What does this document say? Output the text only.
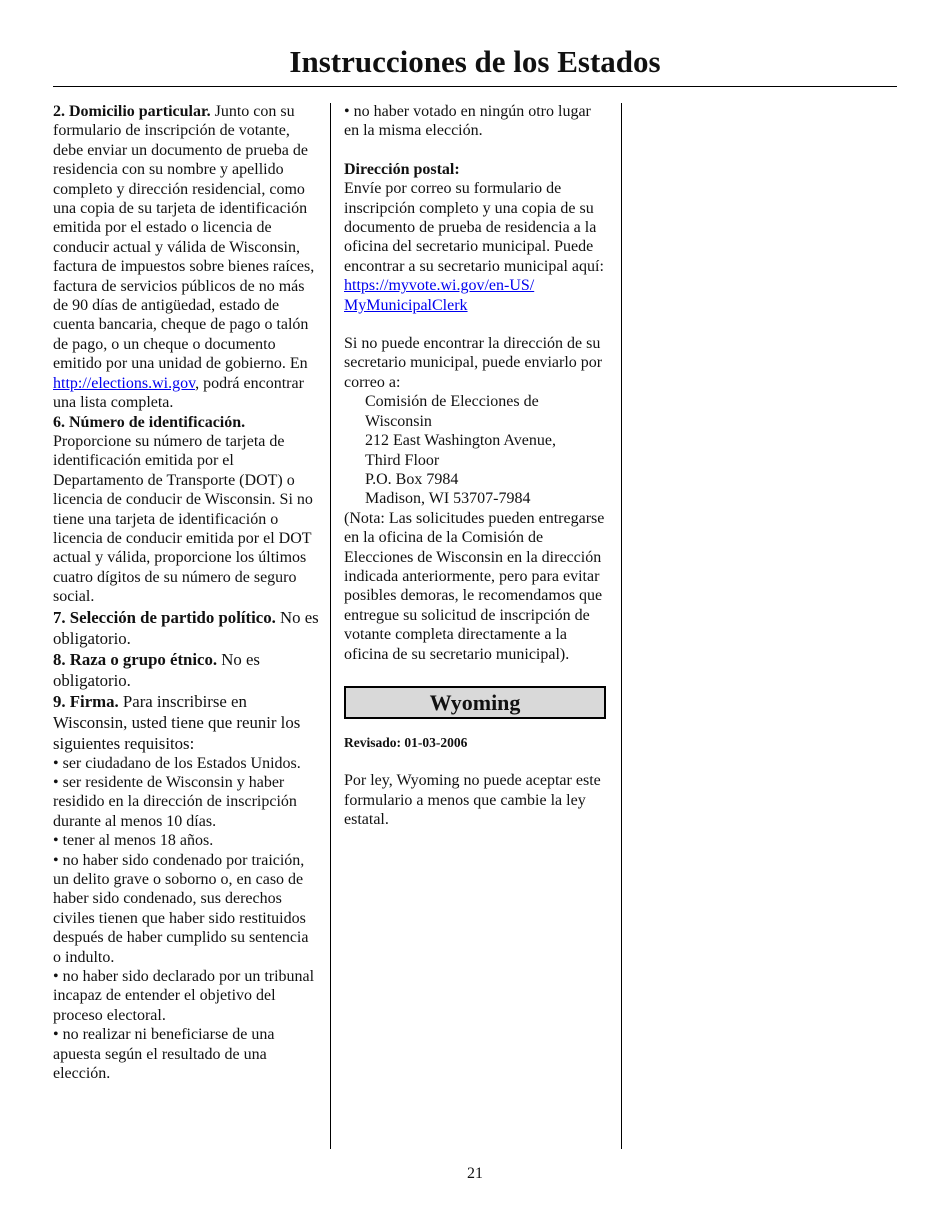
Instrucciones de los Estados

2. Domicilio particular. Junto con su formulario de inscripción de votante, debe enviar un documento de prueba de residencia con su nombre y apellido completo y dirección residencial, como una copia de su tarjeta de identificación emitida por el estado o licencia de conducir actual y válida de Wisconsin, factura de impuestos sobre bienes raíces, factura de servicios públicos de no más de 90 días de antigüedad, estado de cuenta bancaria, cheque de pago o talón de pago, o un cheque o documento emitido por una unidad de gobierno. En http://elections.wi.gov, podrá encontrar una lista completa.

6. Número de identificación.

Proporcione su número de tarjeta de identificación emitida por el Departamento de Transporte (DOT) o licencia de conducir de Wisconsin. Si no tiene una tarjeta de identificación o licencia de conducir emitida por el DOT actual y válida, proporcione los últimos cuatro dígitos de su número de seguro social.

7. Selección de partido político. No es obligatorio.

8. Raza o grupo étnico. No es obligatorio.

9. Firma. Para inscribirse en Wisconsin, usted tiene que reunir los siguientes requisitos:

• ser ciudadano de los Estados Unidos.

• ser residente de Wisconsin y haber residido en la dirección de inscripción durante al menos 10 días.

• tener al menos 18 años.

• no haber sido condenado por traición, un delito grave o soborno o, en caso de haber sido condenado, sus derechos civiles tienen que haber sido restituidos después de haber cumplido su sentencia o indulto.

• no haber sido declarado por un tribunal incapaz de entender el objetivo del proceso electoral.

• no realizar ni beneficiarse de una apuesta según el resultado de una elección.

• no haber votado en ningún otro lugar en la misma elección.

Dirección postal:

Envíe por correo su formulario de inscripción completo y una copia de su documento de prueba de residencia a la oficina del secretario municipal. Puede encontrar a su secretario municipal aquí:

https://myvote.wi.gov/en-US/

MyMunicipalClerk

Si no puede encontrar la dirección de su secretario municipal, puede enviarlo por correo a:

Comisión de Elecciones de

Wisconsin

212 East Washington Avenue,

Third Floor

P.O. Box 7984

Madison, WI 53707-7984

(Nota: Las solicitudes pueden entregarse en la oficina de la Comisión de Elecciones de Wisconsin en la dirección indicada anteriormente, pero para evitar posibles demoras, le recomendamos que entregue su solicitud de inscripción de votante completa directamente a la oficina de su secretario municipal).

Wyoming

Revisado: 01-03-2006

Por ley, Wyoming no puede aceptar este formulario a menos que cambie la ley estatal.

21
